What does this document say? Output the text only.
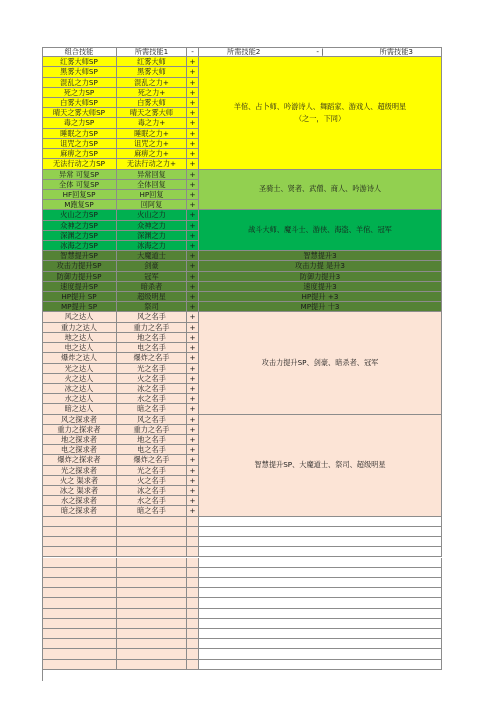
组合技能	所需技能1	-	所需技能2	- |	所需技能3
红雾大师SP	红雾大师	+
黑雾大师SP	黑雾大师	+
混乱之力SP	混乱之力+	+
死之力SP	死之力+	+
白雾大师SP	白雾大师	+
晴天之雾大师SP	晴天之雾大师	+
毒之力SP	毒之力+	+
睡眠之力SP	睡眠之力+	+
诅咒之力SP	诅咒之力+	+
麻痹之力SP	麻痹之力+	+
无法行动之力SP	无法行动之力+	+
羊倌、占卜师、吟游诗人、舞蹈家、游戏人、超级明星
（之一，下同）
异常 可复SP	异常回复	+
全体 可复SP	全体回复	+
HF回复SP	HP回复	+
M跑复SP	回阿复	+
圣骑士、贤者、武僧、商人、吟游诗人
火山之力SP	火山之力	+
众神之力SP	众神之力	+
深渊之力SP	深渊之力	+
冰海之力SP	冰海之力	+
战斗大师、魔斗士、游侠、海盗、羊倌、冠军
智慧提升SP	大魔道士	+	智慧提升3
攻击力提升SP	剑豪	+	攻击力提 是升3
防御力提升SP	冠军	+	防御力提升3
速度提升SP	暗杀者	+	速度提升3
HP提升 SP	超级明星	+	HP提升 +3
MP提升 SP	祭司	+	MP提升 十3
风之达人	风之名手	+
重力之达人	重力之名手	+
地之达人	地之名手	+
电之达人	电之名手	+
爆炸之达人	爆炸之名手	+
光之达人	光之名手	+
火之达人	火之名手	+
冰之达人	冰之名手	+
水之达人	水之名手	+
暗之达人	暗之名手	+
攻击力提升SP、剑豪、暗杀者、冠军
风之探求者	风之名手	+
重力之探求者	重力之名手	+
地之探求者	地之名手	+
电之探求者	电之名手	+
爆炸之探求者	爆炸之名手	+
光之探求者	光之名手	+
火之 渠求者	火之名手	+
冰之 渠求者	冰之名手	+
水之探求者	水之名手	+
暗之探求者	暗之名手	+
智慧提升SP、大魔道士、祭司、超级明星
